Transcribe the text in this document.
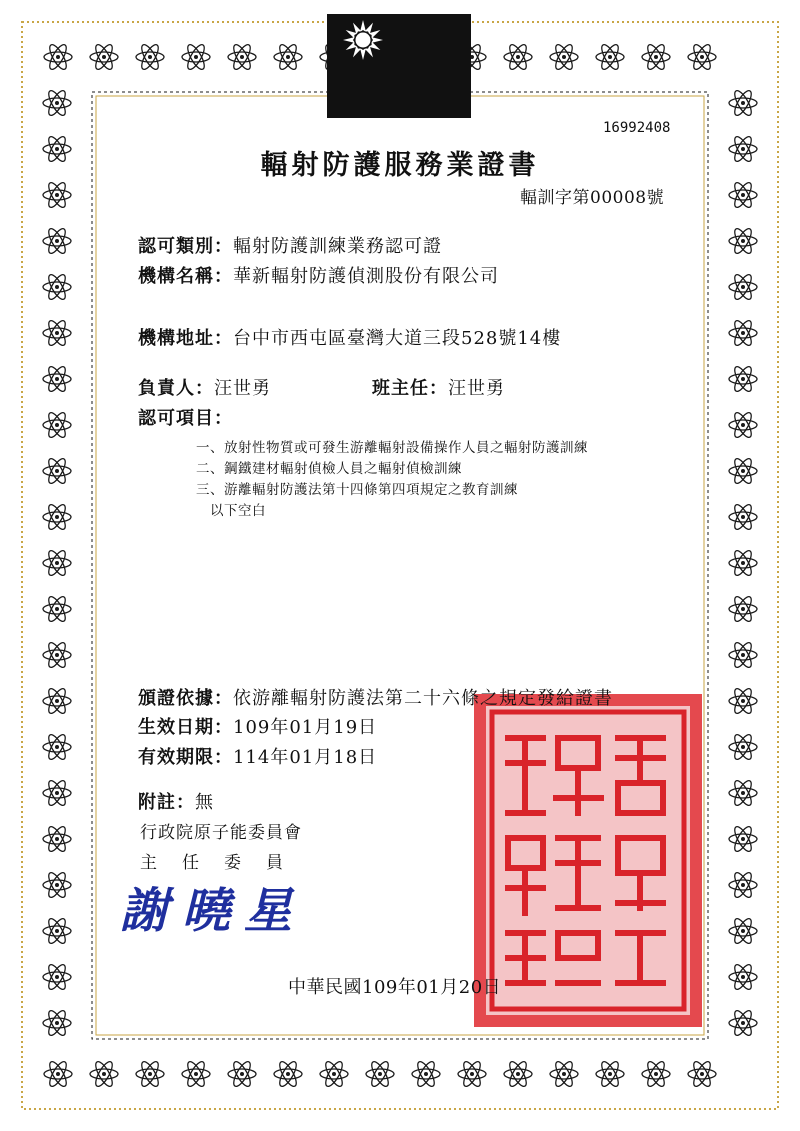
16992408
輻射防護服務業證書
輻訓字第00008號
認可類別：輻射防護訓練業務認可證
機構名稱：華新輻射防護偵測股份有限公司
機構地址：台中市西屯區臺灣大道三段528號14樓
負責人：汪世勇	班主任：汪世勇
認可項目：
一、放射性物質或可發生游離輻射設備操作人員之輻射防護訓練
二、鋼鐵建材輻射偵檢人員之輻射偵檢訓練
三、游離輻射防護法第十四條第四項規定之教育訓練
以下空白
頒證依據：依游離輻射防護法第二十六條之規定發給證書
生效日期：109年01月19日
有效期限：114年01月18日
附註：無
行政院原子能委員會
主　任　委　員
謝曉星
中華民國109年01月20日
